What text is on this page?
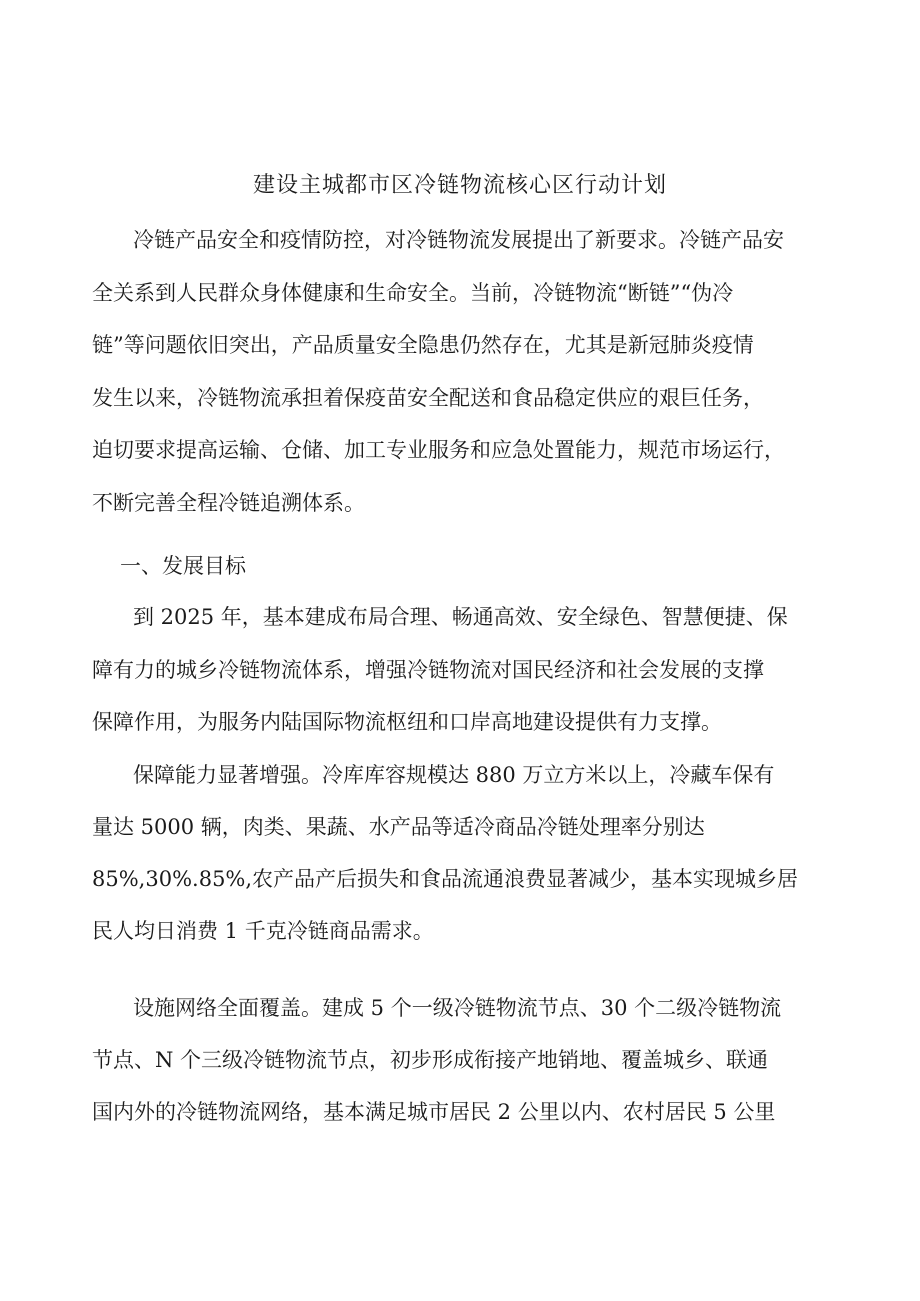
建设主城都市区冷链物流核心区行动计划
冷链产品安全和疫情防控，对冷链物流发展提出了新要求。冷链产品安
全关系到人民群众身体健康和生命安全。当前，冷链物流“断链”“伪冷
链”等问题依旧突出，产品质量安全隐患仍然存在，尤其是新冠肺炎疫情
发生以来，冷链物流承担着保疫苗安全配送和食品稳定供应的艰巨任务，
迫切要求提高运输、仓储、加工专业服务和应急处置能力，规范市场运行，
不断完善全程冷链追溯体系。
一、发展目标
到 2025 年，基本建成布局合理、畅通高效、安全绿色、智慧便捷、保
障有力的城乡冷链物流体系，增强冷链物流对国民经济和社会发展的支撑
保障作用，为服务内陆国际物流枢纽和口岸高地建设提供有力支撑。
保障能力显著增强。冷库库容规模达 880 万立方米以上，冷藏车保有
量达 5000 辆，肉类、果蔬、水产品等适冷商品冷链处理率分别达
85%,30%.85%,农产品产后损失和食品流通浪费显著减少，基本实现城乡居
民人均日消费 1 千克冷链商品需求。
设施网络全面覆盖。建成 5 个一级冷链物流节点、30 个二级冷链物流
节点、N 个三级冷链物流节点，初步形成衔接产地销地、覆盖城乡、联通
国内外的冷链物流网络，基本满足城市居民 2 公里以内、农村居民 5 公里
